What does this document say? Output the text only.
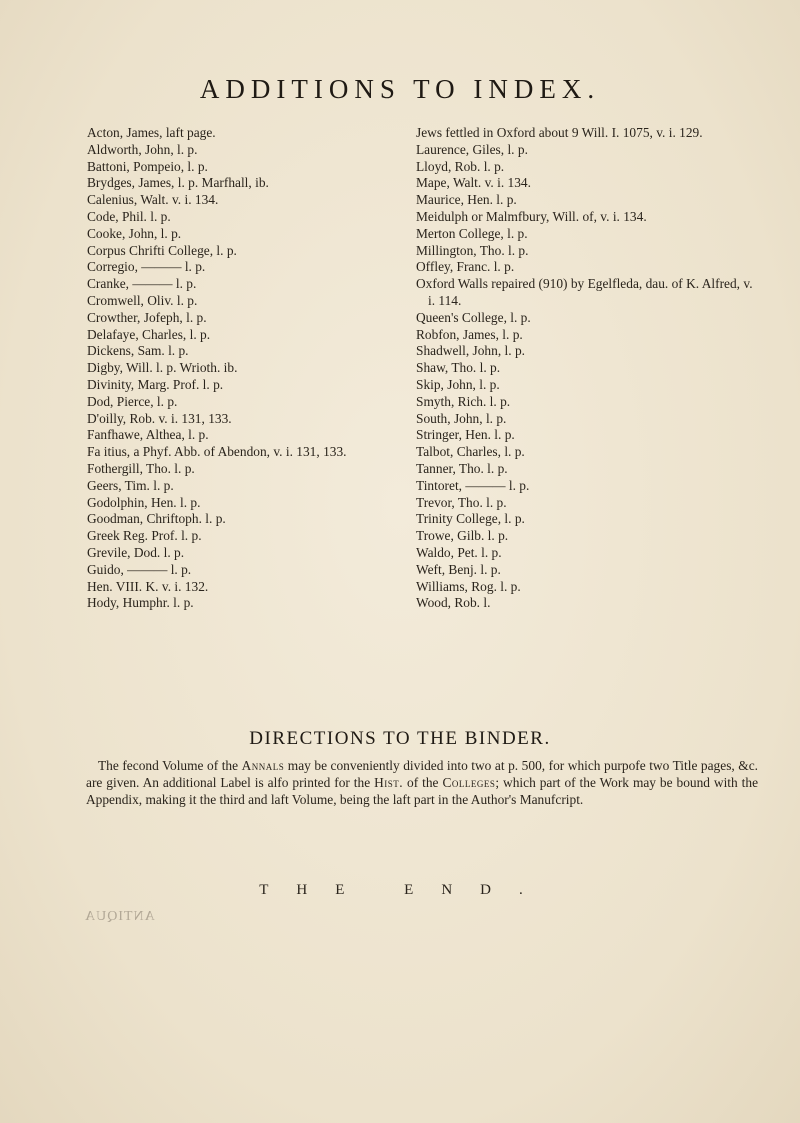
ADDITIONS TO INDEX.
Acton, James, laft page.
Aldworth, John, l. p.
Battoni, Pompeio, l. p.
Brydges, James, l. p. Marfhall, ib.
Calenius, Walt. v. i. 134.
Code, Phil. l. p.
Cooke, John, l. p.
Corpus Chrifti College, l. p.
Corregio, ——— l. p.
Cranke, ——— l. p.
Cromwell, Oliv. l. p.
Crowther, Jofeph, l. p.
Delafaye, Charles, l. p.
Dickens, Sam. l. p.
Digby, Will. l. p. Wrioth. ib.
Divinity, Marg. Prof. l. p.
Dod, Pierce, l. p.
D'oilly, Rob. v. i. 131, 133.
Fanfhawe, Althea, l. p.
Fa itius, a Phyf. Abb. of Abendon, v. i. 131, 133.
Fothergill, Tho. l. p.
Geers, Tim. l. p.
Godolphin, Hen. l. p.
Goodman, Chriftoph. l. p.
Greek Reg. Prof. l. p.
Grevile, Dod. l. p.
Guido, ——— l. p.
Hen. VIII. K. v. i. 132.
Hody, Humphr. l. p.
Jews fettled in Oxford about 9 Will. I. 1075, v. i. 129.
Laurence, Giles, l. p.
Lloyd, Rob. l. p.
Mape, Walt. v. i. 134.
Maurice, Hen. l. p.
Meidulph or Malmfbury, Will. of, v. i. 134.
Merton College, l. p.
Millington, Tho. l. p.
Offley, Franc. l. p.
Oxford Walls repaired (910) by Egelfleda, dau. of K. Alfred, v. i. 114.
Queen's College, l. p.
Robfon, James, l. p.
Shadwell, John, l. p.
Shaw, Tho. l. p.
Skip, John, l. p.
Smyth, Rich. l. p.
South, John, l. p.
Stringer, Hen. l. p.
Talbot, Charles, l. p.
Tanner, Tho. l. p.
Tintoret, ——— l. p.
Trevor, Tho. l. p.
Trinity College, l. p.
Trowe, Gilb. l. p.
Waldo, Pet. l. p.
Weft, Benj. l. p.
Williams, Rog. l. p.
Wood, Rob. l.
DIRECTIONS TO THE BINDER.
The fecond Volume of the Annals may be conveniently divided into two at p. 500, for which purpofe two Title pages, &c. are given. An additional Label is alfo printed for the Hist. of the Colleges; which part of the Work may be bound with the Appendix, making it the third and laft Volume, being the laft part in the Author's Manufcript.
THE END.
ANTIQUA
